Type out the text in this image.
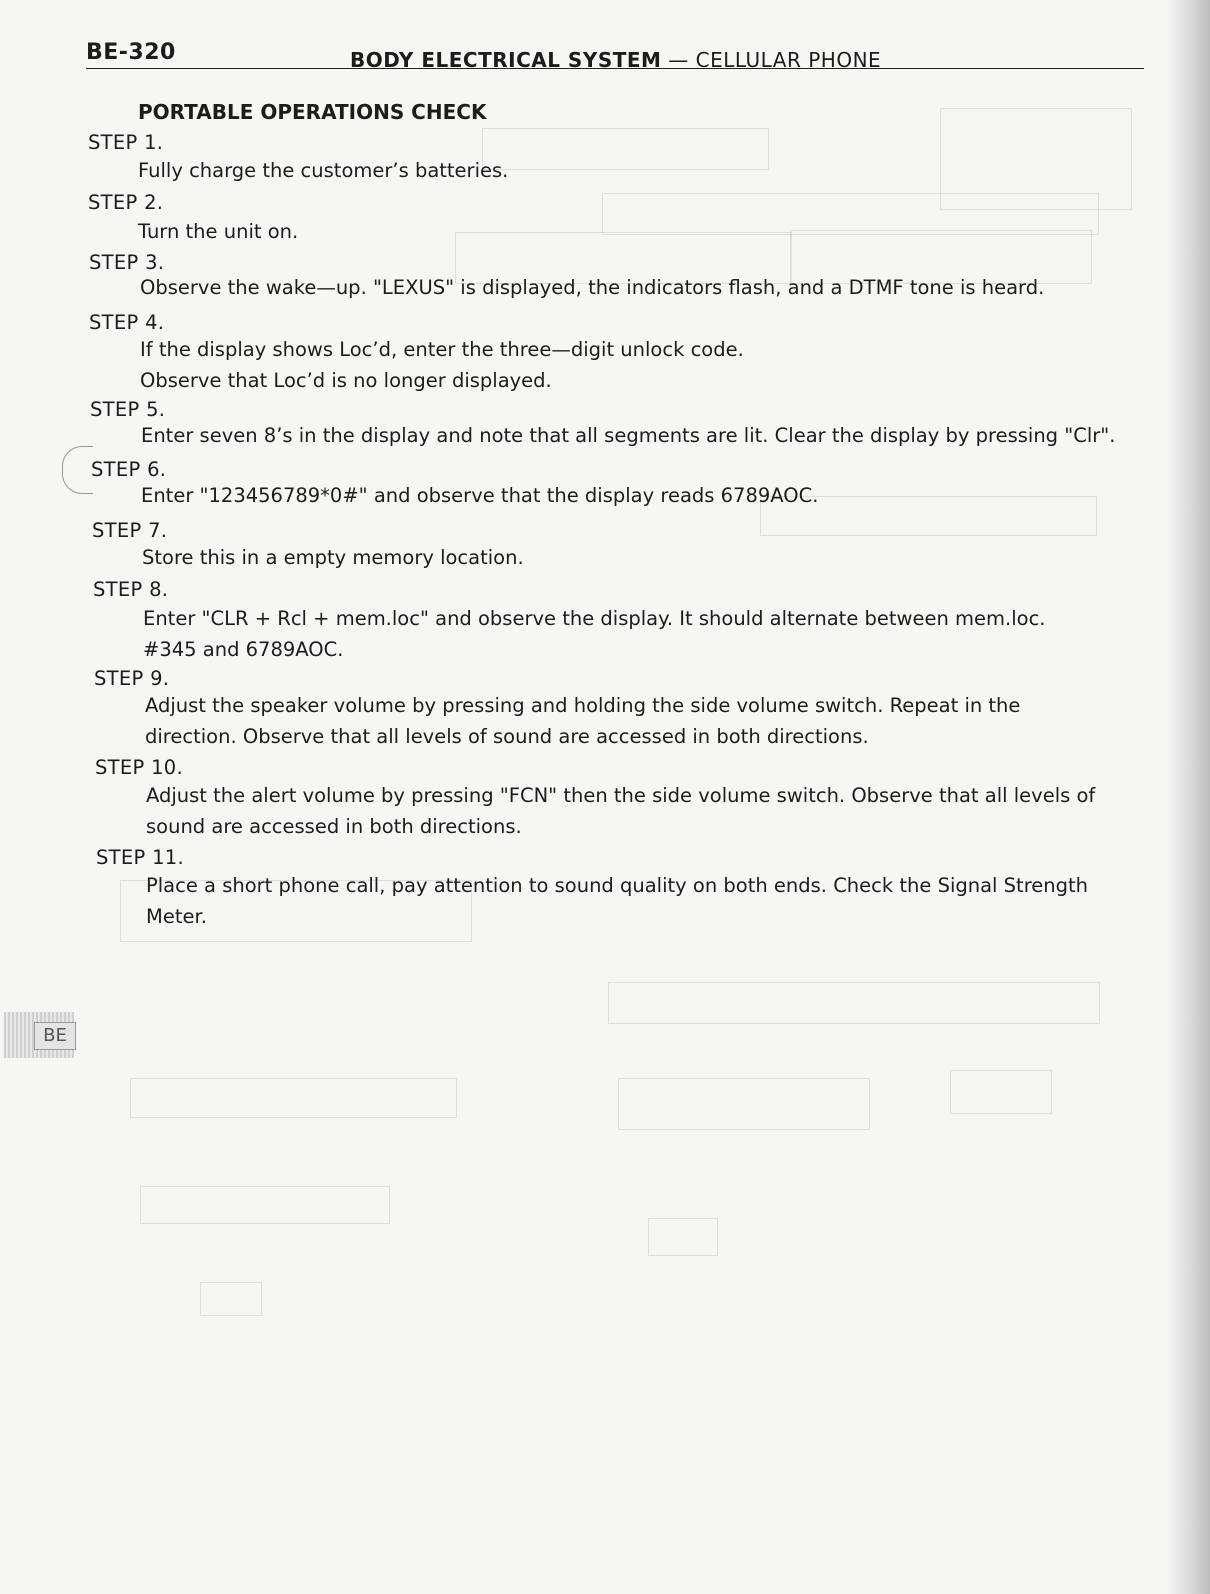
BE-320	BODY ELECTRICAL SYSTEM — CELLULAR PHONE
PORTABLE OPERATIONS CHECK
STEP 1.
Fully charge the customer’s batteries.
STEP 2.
Turn the unit on.
STEP 3.
Observe the wake—up. "LEXUS" is displayed, the indicators flash, and a DTMF tone is heard.
STEP 4.
If the display shows Loc’d, enter the three—digit unlock code.
Observe that Loc’d is no longer displayed.
STEP 5.
Enter seven 8’s in the display and note that all segments are lit. Clear the display by pressing "Clr".
STEP 6.
Enter "123456789*0#" and observe that the display reads 6789AOC.
STEP 7.
Store this in a empty memory location.
STEP 8.
Enter "CLR + Rcl + mem.loc" and observe the display. It should alternate between mem.loc.
#345 and 6789AOC.
STEP 9.
Adjust the speaker volume by pressing and holding the side volume switch. Repeat in the
direction. Observe that all levels of sound are accessed in both directions.
STEP 10.
Adjust the alert volume by pressing "FCN" then the side volume switch. Observe that all levels of
sound are accessed in both directions.
STEP 11.
Place a short phone call, pay attention to sound quality on both ends. Check the Signal Strength
Meter.
BE
